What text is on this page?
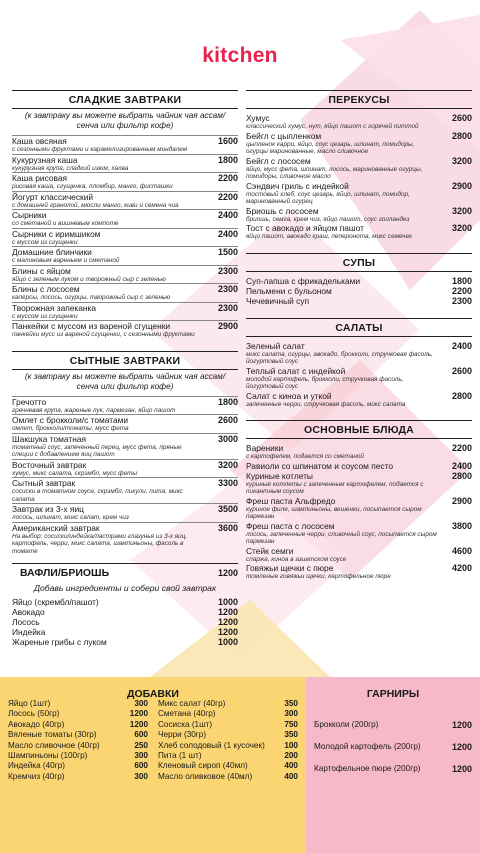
kitchen
СЛАДКИЕ ЗАВТРАКИ
(к завтраку вы можете выбрать чайник чая ассам/сенча или фильтр кофе)
Каша овсяная	1600
с сезонными фруктами и карамелизированным миндалем
Кукурузная каша	1800
кукурузная крупа, сладкий изюм, халва
Каша рисовая	2200
рисовая каша, сгущенка, пломбир, манго, фисташки
Йогурт классический	2200
с домашней гранолой, мюсли манго, киви и семена чиа
Сырники	2400
со сметаной и вишневым компоте
Сырники с иримшиком	2400
с муссом из сгущенки
Домашние блинчики	1500
с малиновым вареньем и сметаной
Блины с яйцом	2300
яйцо с зеленым луком и творожный сыр с зеленью
Блины с лососем	2300
каперсы, лосось, огурцы, творожный сыр с зеленью
Творожная запеканка	2300
с муссом из сгущенки
Панкейки с муссом из вареной сгущенки	2900
панкейки мусс из вареной сгущенки, с сезонными фруктами
СЫТНЫЕ ЗАВТРАКИ
(к завтраку вы можете выбрать чайник чая ассам/сенча или фильтр кофе)
Гречотто	1800
гречневая крупа, жареные лук, пармезан, яйцо пашот
Омлет с брокколи/с томатами	2600
омлет, брокколи/томаты, мусс фета
Шакшука томатная	3000
томатный соус, запеченный перец, мусс фета, пряные специи с добавлением яиц пашот
Восточный завтрак	3200
хумус, микс салата, скрэмбл, мусс феты
Сытный завтрак	3300
сосиски в томатном соусе, скрэмбл, пикули, пита, микс салата
Завтрак из 3-х яиц	3500
лосось, шпинат, микс салат, крем чиз
Американский завтрак	3600
На выбор: сосиски/индейка/пастрами глазунья из 3-х яиц, картофель, черри, микс салата, шампиньоны, фасоль в томате
ВАФЛИ/БРИОШЬ	1200
Добавь ингредиенты и собери свой завтрак
Яйцо (скрембл/пашот)	1000
Авокадо	1200
Лосось	1200
Индейка	1200
Жареные грибы с луком	1000
ПЕРЕКУСЫ
Хумус	2600
классический хумус, нут, яйцо пашот с горячей питтой
Бейгл с цыпленком	2800
цыпленок карри, яйцо, соус цезарь, шпинат, помидоры, огурцы маринованные, масло сливочное
Бейгл с лососем	3200
яйцо, мусс фета, шпинат, лосось, маринованные огурцы, помидоры, сливочное масло
Сэндвич гриль с индейкой	2900
тостовый хлеб, соус цезарь, яйцо, шпинат, помидор, маринованный огурец
Бриошь с лососем	3200
бриошь, семга, крем чиз, яйцо пашот, соус голландез
Тост с авокадо и яйцом пашот	3200
яйцо пашот, авокадо краш, пеперонота, микс семечек
СУПЫ
Суп-лапша с фрикадельками	1800
Пельмени с бульоном	2200
Чечевичный суп	2300
САЛАТЫ
Зеленый салат	2400
микс салата, огурцы, авокадо, брокколи, стручковая фасоль, йогуртовый соус
Теплый салат с индейкой	2600
молодой картофель, брокколи, стручковая фасоль, йогуртовый соус
Салат с киноа и уткой	2800
запеченные черри, стручковая фасоль, микс салата
ОСНОВНЫЕ БЛЮДА
Вареники	2200
с картофелем, подается со сметаной
Равиоли со шпинатом и соусом песто	2400
Куриные котлеты	2800
куриные котлеты с запеченным картофелем, подается с пикантным соусом
Фреш паста Альфредо	2900
куриное филе, шампиньоны, вешенки, посыпается сыром пармезан
Фреш паста с лососем	3800
лосось, запеченные черри, сливочный соус, посыпается сыром пармезан
Стейк семги	4600
спаржа, киноа в азиатском соусе
Говяжьи щечки с пюре	4200
томленые говяжьи щечки, картофельное пюре
ДОБАВКИ
Яйцо (1шт)	300
Лосось (50гр)	1200
Авокадо (40гр)	1200
Вяленые томаты (30гр)	600
Масло сливочное (40гр)	250
Шампиньоны (100гр)	300
Индейка (40гр)	600
Кремчиз (40гр)	300
Микс салат (40гр)	350
Сметана (40гр)	300
Сосиска (1шт)	750
Черри (30гр)	350
Хлеб солодовый (1 кусочек)	100
Пита (1 шт)	200
Кленовый сироп (40мл)	400
Масло оливковое (40мл)	400
ГАРНИРЫ
Брокколи (200гр)	1200
Молодой картофель (200гр)	1200
Картофельное пюре (200гр)	1200
